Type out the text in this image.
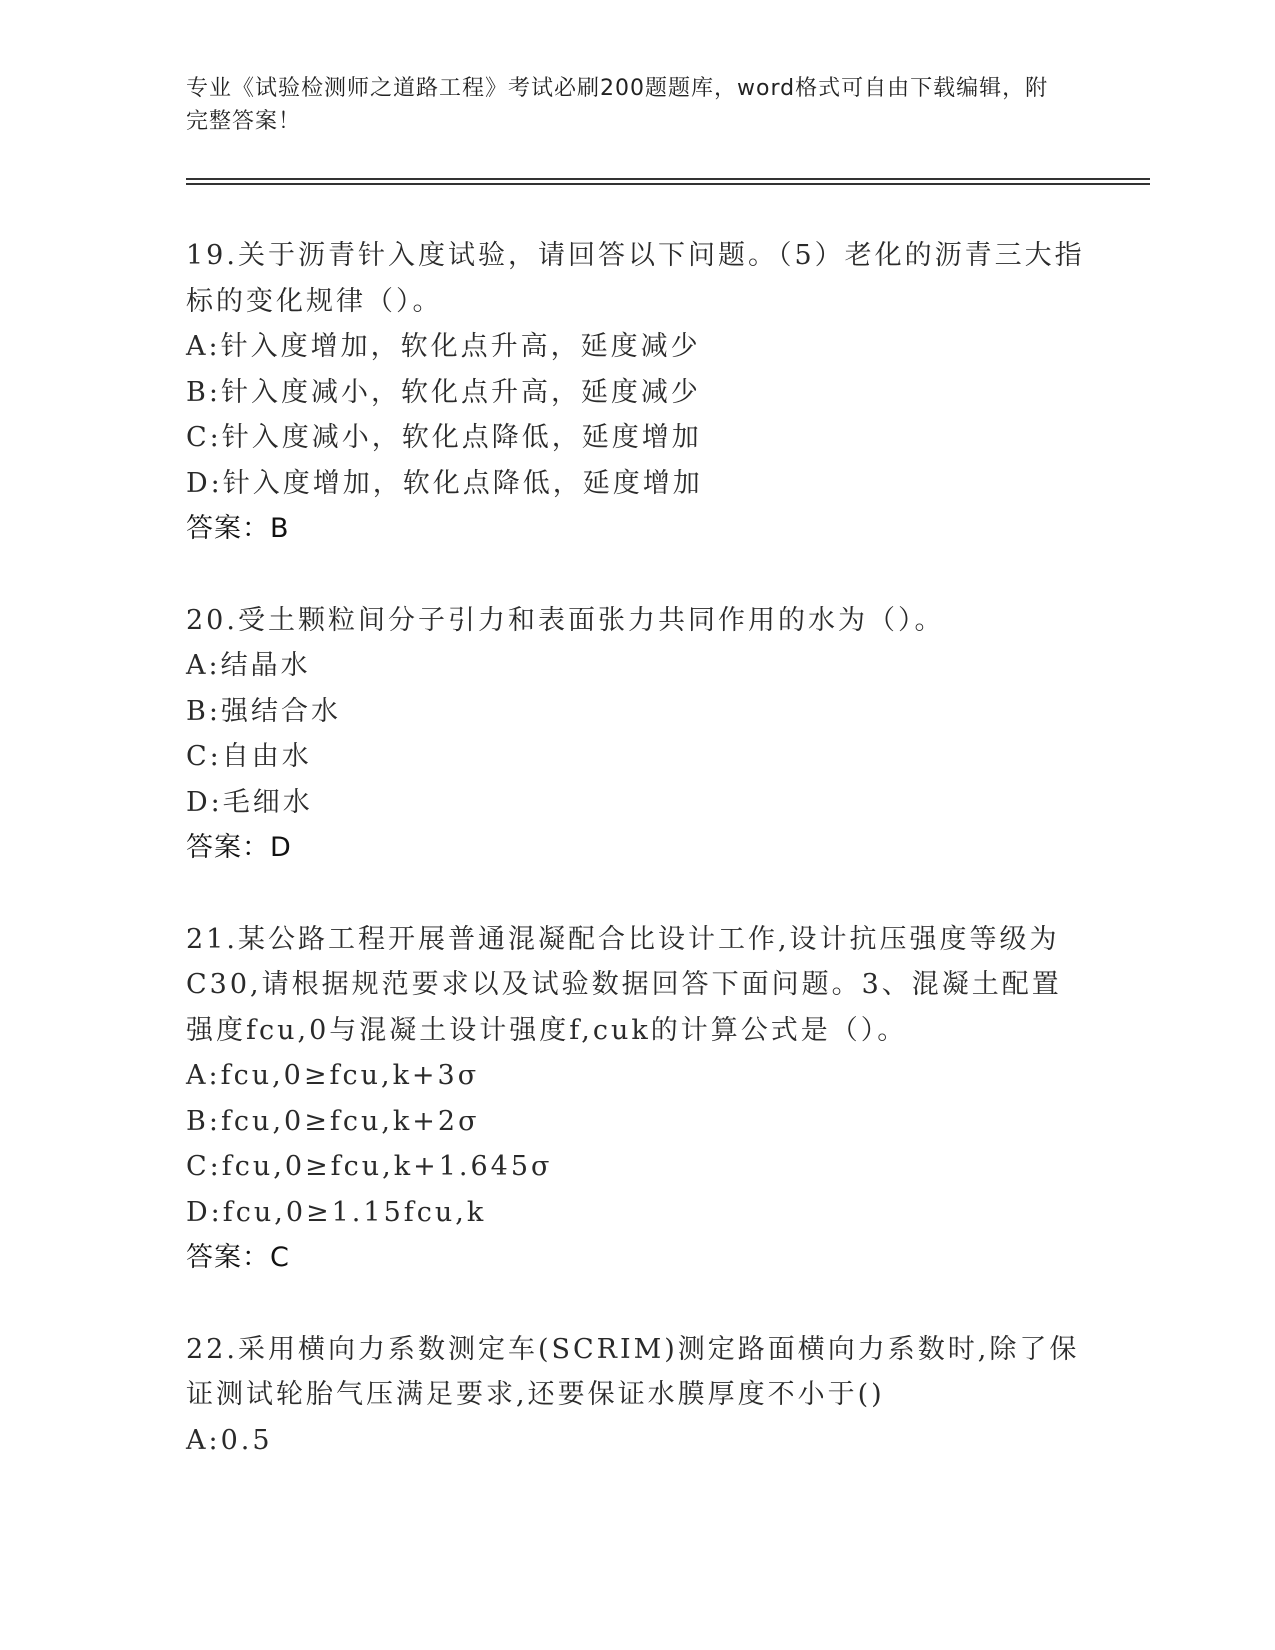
专业《试验检测师之道路工程》考试必刷200题题库，word格式可自由下载编辑，附完整答案！
19.关于沥青针入度试验，请回答以下问题。（5）老化的沥青三大指标的变化规律（）。
A:针入度增加，软化点升高，延度减少
B:针入度减小，软化点升高，延度减少
C:针入度减小，软化点降低，延度增加
D:针入度增加，软化点降低，延度增加
答案：B
20.受土颗粒间分子引力和表面张力共同作用的水为（）。
A:结晶水
B:强结合水
C:自由水
D:毛细水
答案：D
21.某公路工程开展普通混凝配合比设计工作,设计抗压强度等级为C30,请根据规范要求以及试验数据回答下面问题。3、混凝土配置强度fcu,0与混凝土设计强度f,cuk的计算公式是（）。
A:fcu,0≥fcu,k+3σ
B:fcu,0≥fcu,k+2σ
C:fcu,0≥fcu,k+1.645σ
D:fcu,0≥1.15fcu,k
答案：C
22.采用横向力系数测定车(SCRIM)测定路面横向力系数时,除了保证测试轮胎气压满足要求,还要保证水膜厚度不小于()
A:0.5
